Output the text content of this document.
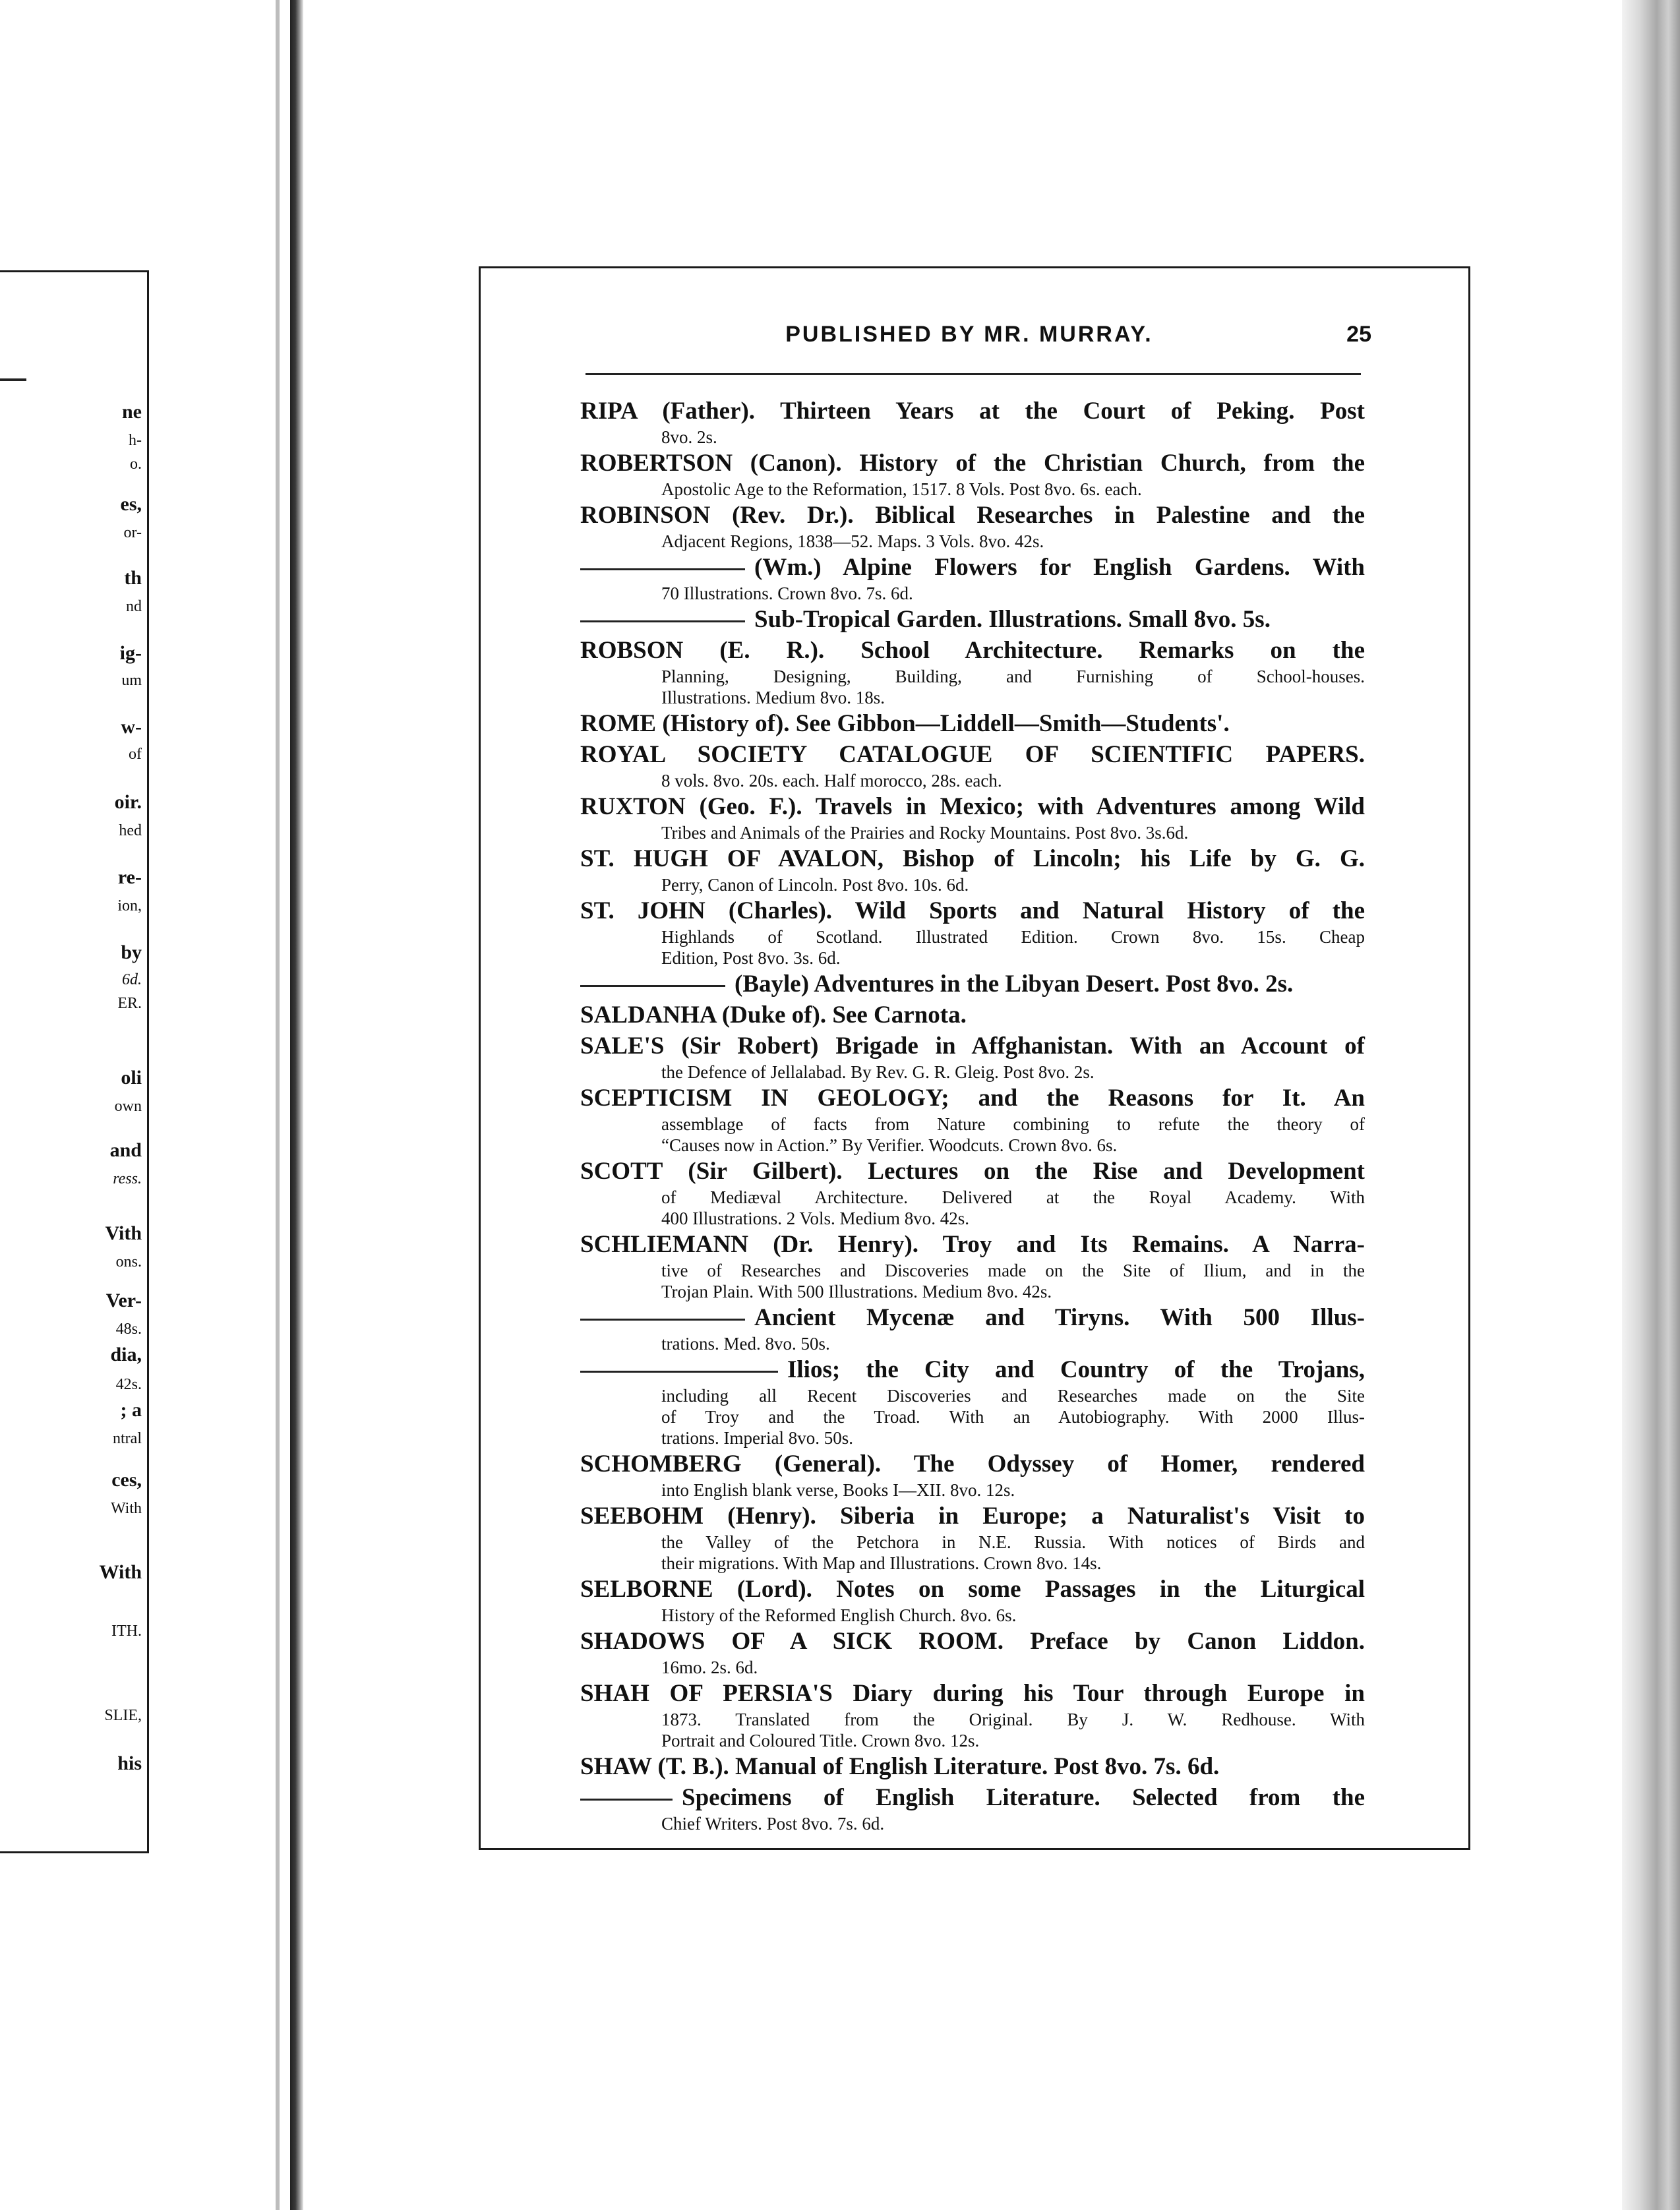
ne
h-
o.
es,
or-
th
nd
ig-
um
w-
of
oir.
hed
re-
ion,
by
6d.
ER.
oli
own
and
ress.
Vith
ons.
Ver-
48s.
dia,
42s.
; a
ntral
ces,
With
With
ITH.
SLIE,
his
PUBLISHED BY MR. MURRAY.	25
RIPA (Father). Thirteen Years at the Court of Peking. Post
8vo. 2s.
ROBERTSON (Canon). History of the Christian Church, from the
Apostolic Age to the Reformation, 1517. 8 Vols. Post 8vo. 6s. each.
ROBINSON (Rev. Dr.). Biblical Researches in Palestine and the
Adjacent Regions, 1838—52. Maps. 3 Vols. 8vo. 42s.
(Wm.) Alpine Flowers for English Gardens. With
70 Illustrations. Crown 8vo. 7s. 6d.
Sub-Tropical Garden. Illustrations. Small 8vo. 5s.
ROBSON (E. R.). School Architecture. Remarks on the
Planning, Designing, Building, and Furnishing of School-houses.
Illustrations. Medium 8vo. 18s.
ROME (History of). See Gibbon—Liddell—Smith—Students'.
ROYAL SOCIETY CATALOGUE OF SCIENTIFIC PAPERS.
8 vols. 8vo. 20s. each. Half morocco, 28s. each.
RUXTON (Geo. F.). Travels in Mexico; with Adventures among Wild
Tribes and Animals of the Prairies and Rocky Mountains. Post 8vo. 3s.6d.
ST. HUGH OF AVALON, Bishop of Lincoln; his Life by G. G.
Perry, Canon of Lincoln. Post 8vo. 10s. 6d.
ST. JOHN (Charles). Wild Sports and Natural History of the
Highlands of Scotland. Illustrated Edition. Crown 8vo. 15s. Cheap
Edition, Post 8vo. 3s. 6d.
(Bayle) Adventures in the Libyan Desert. Post 8vo. 2s.
SALDANHA (Duke of). See Carnota.
SALE'S (Sir Robert) Brigade in Affghanistan. With an Account of
the Defence of Jellalabad. By Rev. G. R. Gleig. Post 8vo. 2s.
SCEPTICISM IN GEOLOGY; and the Reasons for It. An
assemblage of facts from Nature combining to refute the theory of
“Causes now in Action.” By Verifier. Woodcuts. Crown 8vo. 6s.
SCOTT (Sir Gilbert). Lectures on the Rise and Development
of Mediæval Architecture. Delivered at the Royal Academy. With
400 Illustrations. 2 Vols. Medium 8vo. 42s.
SCHLIEMANN (Dr. Henry). Troy and Its Remains. A Narra-
tive of Researches and Discoveries made on the Site of Ilium, and in the
Trojan Plain. With 500 Illustrations. Medium 8vo. 42s.
Ancient Mycenæ and Tiryns. With 500 Illus-
trations. Med. 8vo. 50s.
Ilios; the City and Country of the Trojans,
including all Recent Discoveries and Researches made on the Site
of Troy and the Troad. With an Autobiography. With 2000 Illus-
trations. Imperial 8vo. 50s.
SCHOMBERG (General). The Odyssey of Homer, rendered
into English blank verse, Books I—XII. 8vo. 12s.
SEEBOHM (Henry). Siberia in Europe; a Naturalist's Visit to
the Valley of the Petchora in N.E. Russia. With notices of Birds and
their migrations. With Map and Illustrations. Crown 8vo. 14s.
SELBORNE (Lord). Notes on some Passages in the Liturgical
History of the Reformed English Church. 8vo. 6s.
SHADOWS OF A SICK ROOM. Preface by Canon Liddon.
16mo. 2s. 6d.
SHAH OF PERSIA'S Diary during his Tour through Europe in
1873. Translated from the Original. By J. W. Redhouse. With
Portrait and Coloured Title. Crown 8vo. 12s.
SHAW (T. B.). Manual of English Literature. Post 8vo. 7s. 6d.
Specimens of English Literature. Selected from the
Chief Writers. Post 8vo. 7s. 6d.
